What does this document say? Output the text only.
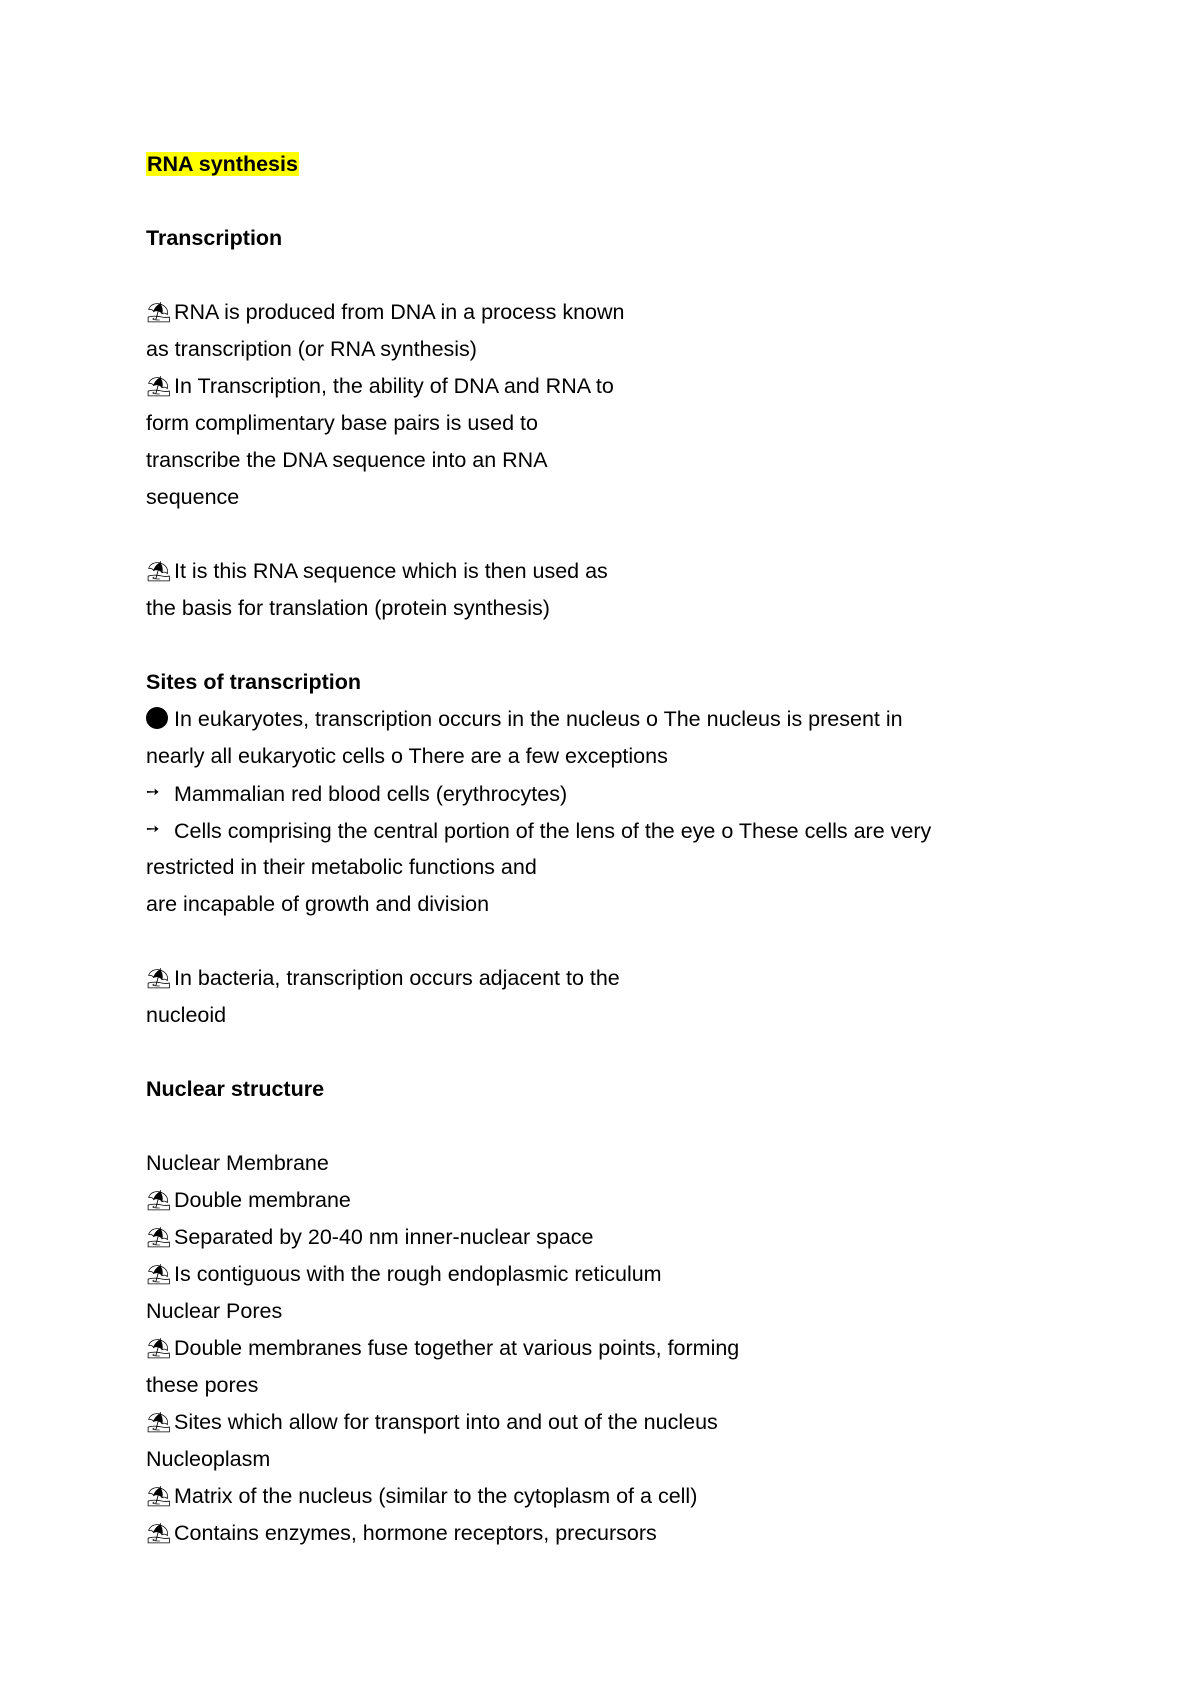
RNA synthesis
Transcription
⛱ RNA is produced from DNA in a process known
as transcription (or RNA synthesis)
⛱ In Transcription, the ability of DNA and RNA to
form complimentary base pairs is used to
transcribe the DNA sequence into an RNA
sequence
⛱ It is this RNA sequence which is then used as
the basis for translation (protein synthesis)
Sites of transcription
In eukaryotes, transcription occurs in the nucleus o The nucleus is present in
nearly all eukaryotic cells o There are a few exceptions
➙ Mammalian red blood cells (erythrocytes)
➙ Cells comprising the central portion of the lens of the eye o These cells are very
restricted in their metabolic functions and
are incapable of growth and division
⛱ In bacteria, transcription occurs adjacent to the
nucleoid
Nuclear structure
Nuclear Membrane
⛱ Double membrane
⛱ Separated by 20-40 nm inner-nuclear space
⛱ Is contiguous with the rough endoplasmic reticulum
Nuclear Pores
⛱ Double membranes fuse together at various points, forming
these pores
⛱ Sites which allow for transport into and out of the nucleus
Nucleoplasm
⛱ Matrix of the nucleus (similar to the cytoplasm of a cell)
⛱ Contains enzymes, hormone receptors, precursors
